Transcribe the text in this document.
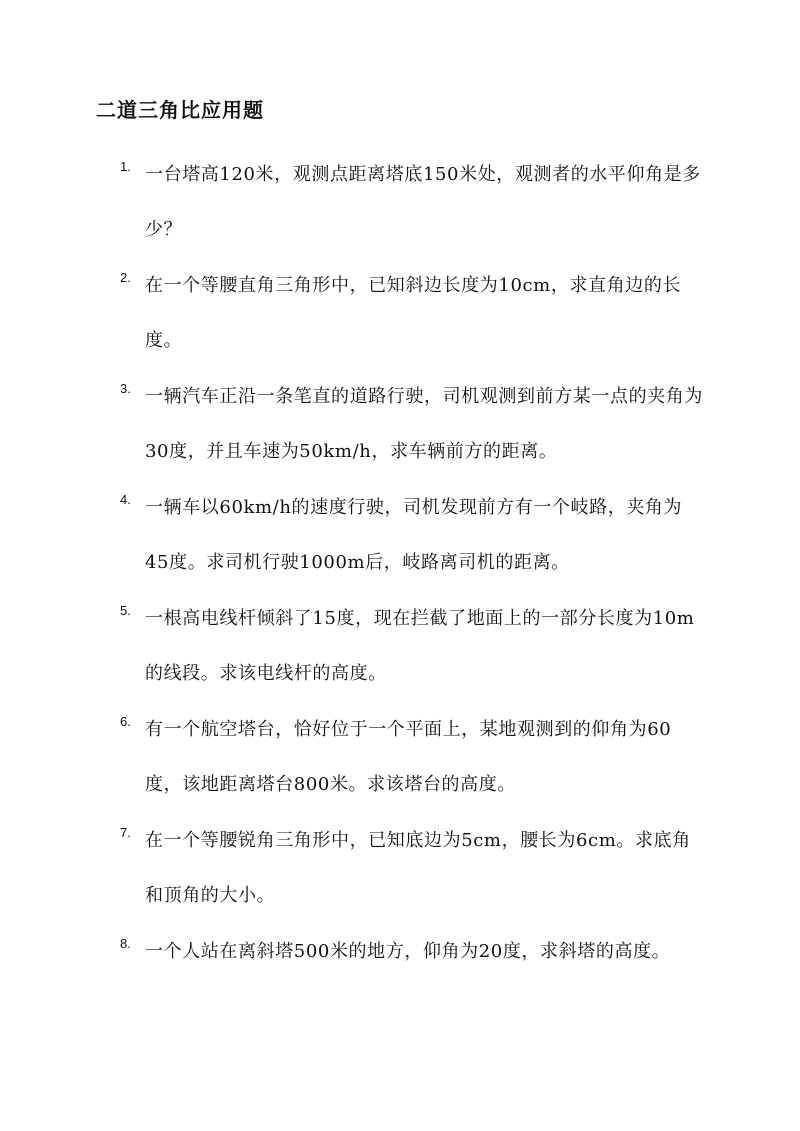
二道三角比应用题
1. 一台塔高120米，观测点距离塔底150米处，观测者的水平仰角是多少？
2. 在一个等腰直角三角形中，已知斜边长度为10cm，求直角边的长度。
3. 一辆汽车正沿一条笔直的道路行驶，司机观测到前方某一点的夹角为30度，并且车速为50km/h，求车辆前方的距离。
4. 一辆车以60km/h的速度行驶，司机发现前方有一个岐路，夹角为45度。求司机行驶1000m后，岐路离司机的距离。
5. 一根高电线杆倾斜了15度，现在拦截了地面上的一部分长度为10m的线段。求该电线杆的高度。
6. 有一个航空塔台，恰好位于一个平面上，某地观测到的仰角为60度，该地距离塔台800米。求该塔台的高度。
7. 在一个等腰锐角三角形中，已知底边为5cm，腰长为6cm。求底角和顶角的大小。
8. 一个人站在离斜塔500米的地方，仰角为20度，求斜塔的高度。
